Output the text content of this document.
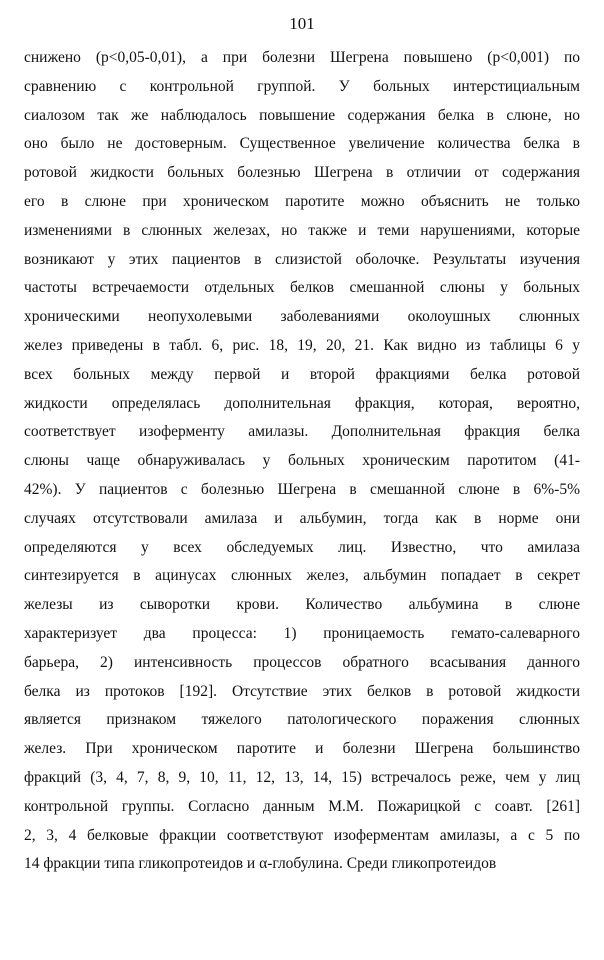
101
снижено (p<0,05-0,01), а при болезни Шегрена повышено (p<0,001) по
сравнению с контрольной группой. У больных интерстициальным
сиалозом так же наблюдалось повышение содержания белка в слюне, но
оно было не достоверным. Существенное увеличение количества белка в
ротовой жидкости больных болезнью Шегрена в отличии от содержания
его в слюне при хроническом паротите можно объяснить не только
изменениями в слюнных железах, но также и теми нарушениями, которые
возникают у этих пациентов в слизистой оболочке. Результаты изучения
частоты встречаемости отдельных белков смешанной слюны у больных
хроническими неопухолевыми заболеваниями околоушных слюнных
желез приведены в табл. 6, рис. 18, 19, 20, 21. Как видно из таблицы 6 у
всех больных между первой и второй фракциями белка ротовой
жидкости определялась дополнительная фракция, которая, вероятно,
соответствует изоферменту амилазы. Дополнительная фракция белка
слюны чаще обнаруживалась у больных хроническим паротитом (41-
42%). У пациентов с болезнью Шегрена в смешанной слюне в 6%-5%
случаях отсутствовали амилаза и альбумин, тогда как в норме они
определяются у всех обследуемых лиц. Известно, что амилаза
синтезируется в ацинусах слюнных желез, альбумин попадает в секрет
железы из сыворотки крови. Количество альбумина в слюне
характеризует два процесса: 1) проницаемость гемато-салеварного
барьера, 2) интенсивность процессов обратного всасывания данного
белка из протоков [192]. Отсутствие этих белков в ротовой жидкости
является признаком тяжелого патологического поражения слюнных
желез. При хроническом паротите и болезни Шегрена большинство
фракций (3, 4, 7, 8, 9, 10, 11, 12, 13, 14, 15) встречалось реже, чем у лиц
контрольной группы. Согласно данным М.М. Пожарицкой с соавт. [261]
2, 3, 4 белковые фракции соответствуют изоферментам амилазы, а с 5 по
14 фракции типа гликопротеидов и α-глобулина. Среди гликопротеидов
